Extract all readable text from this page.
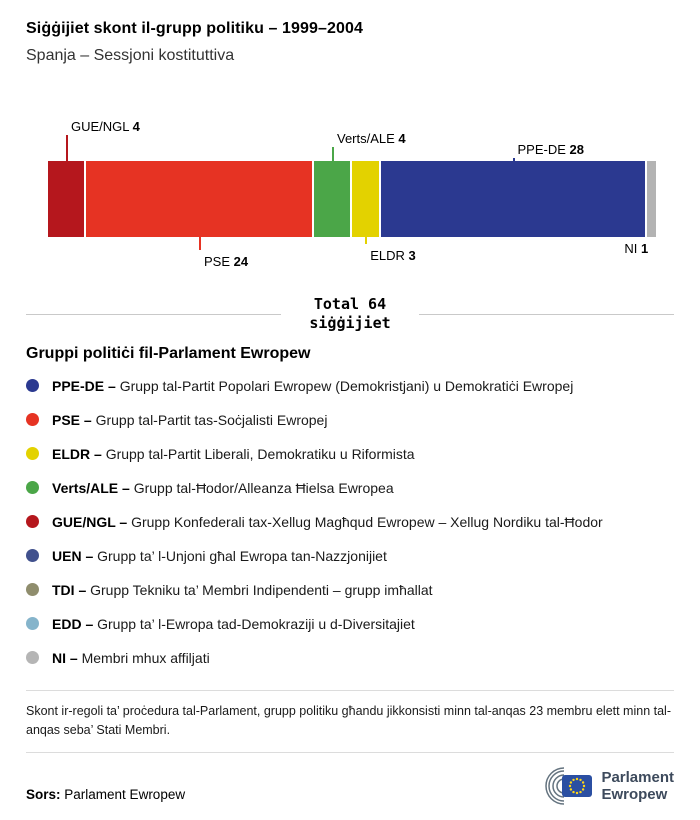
Siġġijiet skont il-grupp politiku – 1999–2004
Spanja – Sessjoni kostituttiva
GUE/NGL 4
PSE 24
Verts/ALE 4
ELDR 3
PPE-DE 28
NI 1
Total 64
siġġijiet
Gruppi politiċi fil-Parlament Ewropew
PPE-DE – Grupp tal-Partit Popolari Ewropew (Demokristjani) u Demokratiċi Ewropej
PSE – Grupp tal-Partit tas-Soċjalisti Ewropej
ELDR – Grupp tal-Partit Liberali, Demokratiku u Riformista
Verts/ALE – Grupp tal-Ħodor/Alleanza Ħielsa Ewropea
GUE/NGL – Grupp Konfederali tax-Xellug Magħqud Ewropew – Xellug Nordiku tal-Ħodor
UEN – Grupp ta’ l-Unjoni għal Ewropa tan-Nazzjonijiet
TDI – Grupp Tekniku ta’ Membri Indipendenti – grupp imħallat
EDD – Grupp ta’ l-Ewropa tad-Demokraziji u d-Diversitajiet
NI – Membri mhux affiljati

Skont ir-regoli ta’ proċedura tal-Parlament, grupp politiku għandu jikkonsisti minn tal-anqas 23 membru elett minn tal-anqas seba’ Stati Membri.

Sors: Parlament Ewropew
Parlament
Ewropew
